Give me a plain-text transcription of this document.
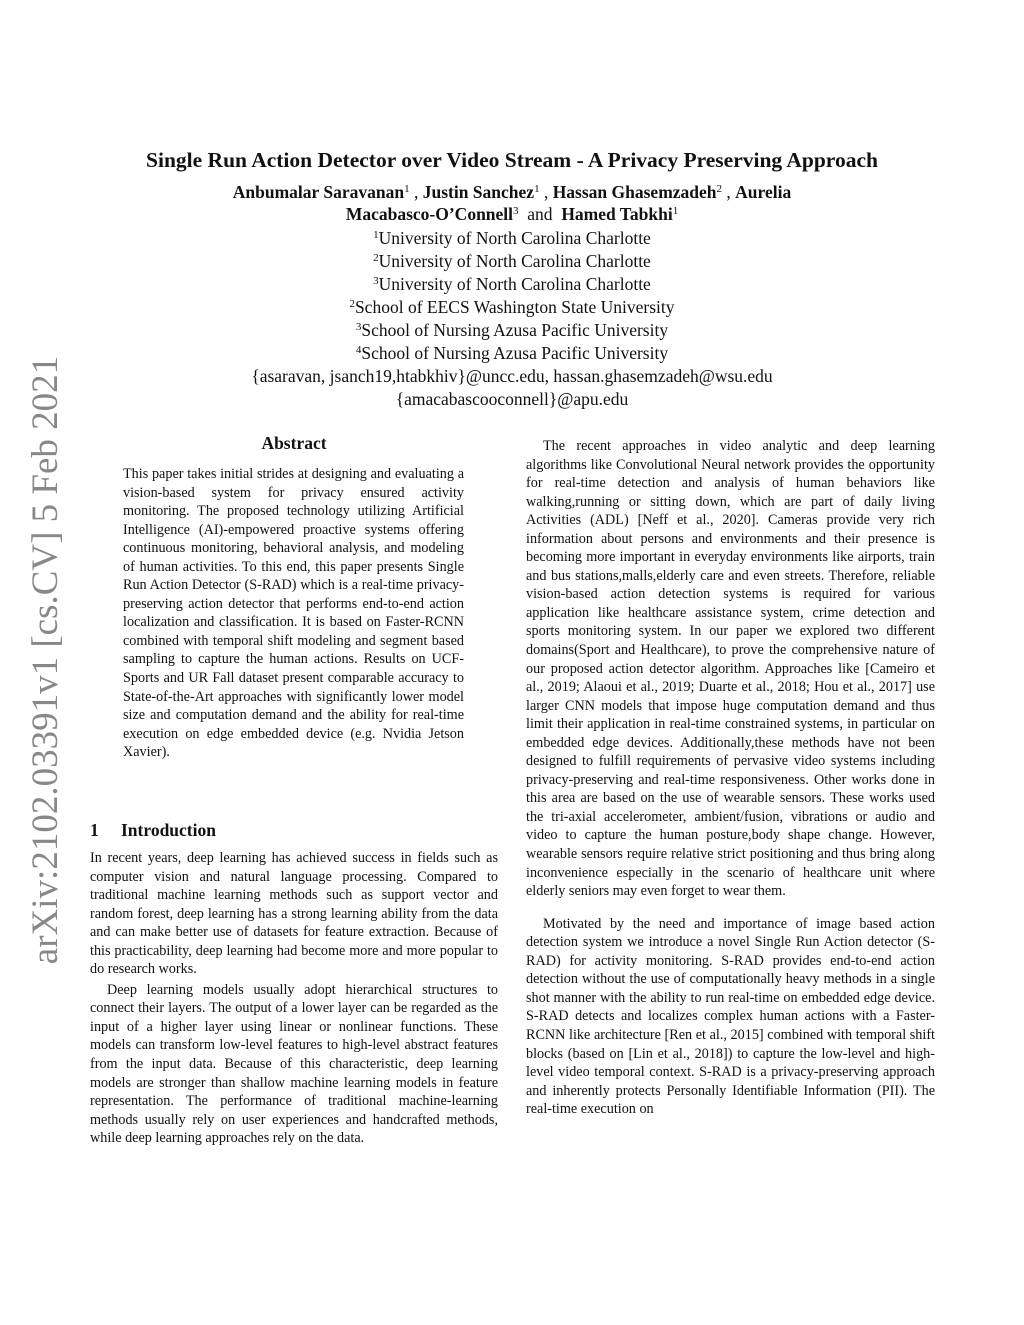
arXiv:2102.03391v1 [cs.CV] 5 Feb 2021
Single Run Action Detector over Video Stream - A Privacy Preserving Approach
Anbumalar Saravanan$^1$ , Justin Sanchez$^1$ , Hassan Ghasemzadeh$^2$ , Aurelia
Macabasco-O’Connell$^3$ and Hamed Tabkhi$^1$
$^1$University of North Carolina Charlotte
$^2$University of North Carolina Charlotte
$^3$University of North Carolina Charlotte
$^2$School of EECS Washington State University
$^3$School of Nursing Azusa Pacific University
$^4$School of Nursing Azusa Pacific University
{asaravan, jsanch19,htabkhiv}@uncc.edu, hassan.ghasemzadeh@wsu.edu
{amacabascooconnell}@apu.edu
Abstract
This paper takes initial strides at designing and evaluating a vision-based system for privacy ensured activity monitoring. The proposed technology utilizing Artificial Intelligence (AI)-empowered proactive systems offering continuous monitoring, behavioral analysis, and modeling of human activities. To this end, this paper presents Single Run Action Detector (S-RAD) which is a real-time privacy-preserving action detector that performs end-to-end action localization and classification. It is based on Faster-RCNN combined with temporal shift modeling and segment based sampling to capture the human actions. Results on UCF-Sports and UR Fall dataset present comparable accuracy to State-of-the-Art approaches with significantly lower model size and computation demand and the ability for real-time execution on edge embedded device (e.g. Nvidia Jetson Xavier).
1 Introduction

In recent years, deep learning has achieved success in fields such as computer vision and natural language processing. Compared to traditional machine learning methods such as support vector and random forest, deep learning has a strong learning ability from the data and can make better use of datasets for feature extraction. Because of this practicability, deep learning had become more and more popular to do research works.

Deep learning models usually adopt hierarchical structures to connect their layers. The output of a lower layer can be regarded as the input of a higher layer using linear or nonlinear functions. These models can transform low-level features to high-level abstract features from the input data. Because of this characteristic, deep learning models are stronger than shallow machine learning models in feature representation. The performance of traditional machine-learning methods usually rely on user experiences and handcrafted methods, while deep learning approaches rely on the data.

The recent approaches in video analytic and deep learning algorithms like Convolutional Neural network provides the opportunity for real-time detection and analysis of human behaviors like walking,running or sitting down, which are part of daily living Activities (ADL) [Neff et al., 2020]. Cameras provide very rich information about persons and environments and their presence is becoming more important in everyday environments like airports, train and bus stations,malls,elderly care and even streets. Therefore, reliable vision-based action detection systems is required for various application like healthcare assistance system, crime detection and sports monitoring system. In our paper we explored two different domains(Sport and Healthcare), to prove the comprehensive nature of our proposed action detector algorithm. Approaches like [Cameiro et al., 2019; Alaoui et al., 2019; Duarte et al., 2018; Hou et al., 2017] use larger CNN models that impose huge computation demand and thus limit their application in real-time constrained systems, in particular on embedded edge devices. Additionally,these methods have not been designed to fulfill requirements of pervasive video systems including privacy-preserving and real-time responsiveness. Other works done in this area are based on the use of wearable sensors. These works used the tri-axial accelerometer, ambient/fusion, vibrations or audio and video to capture the human posture,body shape change. However, wearable sensors require relative strict positioning and thus bring along inconvenience especially in the scenario of healthcare unit where elderly seniors may even forget to wear them.

Motivated by the need and importance of image based action detection system we introduce a novel Single Run Action detector (S-RAD) for activity monitoring. S-RAD provides end-to-end action detection without the use of computationally heavy methods in a single shot manner with the ability to run real-time on embedded edge device. S-RAD detects and localizes complex human actions with a Faster-RCNN like architecture [Ren et al., 2015] combined with temporal shift blocks (based on [Lin et al., 2018]) to capture the low-level and high-level video temporal context. S-RAD is a privacy-preserving approach and inherently protects Personally Identifiable Information (PII). The real-time execution on
